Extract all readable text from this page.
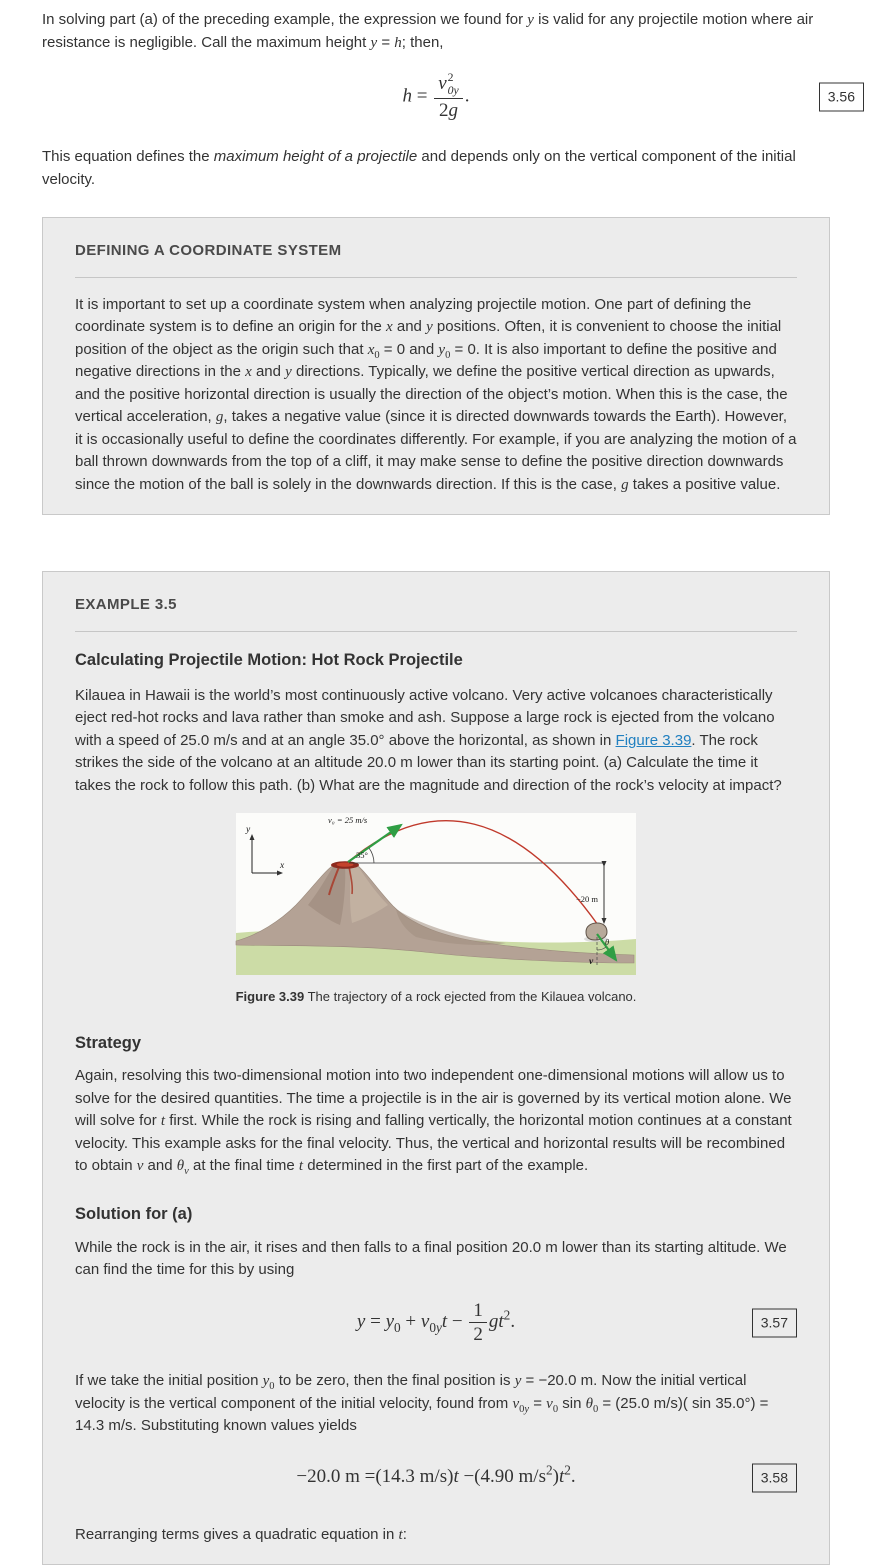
In solving part (a) of the preceding example, the expression we found for y is valid for any projectile motion where air resistance is negligible. Call the maximum height y = h; then,

h = v 2
0y
2g .	3.56

This equation defines the maximum height of a projectile and depends only on the vertical component of the initial velocity.

DEFINING A COORDINATE SYSTEM

It is important to set up a coordinate system when analyzing projectile motion. One part of defining the coordinate system is to define an origin for the x and y positions. Often, it is convenient to choose the initial position of the object as the origin such that $x_0 = 0$ and $y_0 = 0$. It is also important to define the positive and negative directions in the x and y directions. Typically, we define the positive vertical direction as upwards, and the positive horizontal direction is usually the direction of the object’s motion. When this is the case, the vertical acceleration, g, takes a negative value (since it is directed downwards towards the Earth). However, it is occasionally useful to define the coordinates differently. For example, if you are analyzing the motion of a ball thrown downwards from the top of a cliff, it may make sense to define the positive direction downwards since the motion of the ball is solely in the downwards direction. If this is the case, g takes a positive value.

EXAMPLE 3.5
Calculating Projectile Motion: Hot Rock Projectile

Kilauea in Hawaii is the world’s most continuously active volcano. Very active volcanoes characteristically eject red-hot rocks and lava rather than smoke and ash. Suppose a large rock is ejected from the volcano with a speed of 25.0 m/s and at an angle 35.0° above the horizontal, as shown in Figure 3.39. The rock strikes the side of the volcano at an altitude 20.0 m lower than its starting point. (a) Calculate the time it takes the rock to follow this path. (b) What are the magnitude and direction of the rock’s velocity at impact?

35°
v₀ = 25 m/s
−20 m
θ
v
y
x

Figure 3.39 The trajectory of a rock ejected from the Kilauea volcano.

Strategy

Again, resolving this two-dimensional motion into two independent one-dimensional motions will allow us to solve for the desired quantities. The time a projectile is in the air is governed by its vertical motion alone. We will solve for t first. While the rock is rising and falling vertically, the horizontal motion continues at a constant velocity. This example asks for the final velocity. Thus, the vertical and horizontal results will be recombined to obtain v and $\theta_v$ at the final time t determined in the first part of the example.

Solution for (a)

While the rock is in the air, it rises and then falls to a final position 20.0 m lower than its starting altitude. We can find the time for this by using

$y = y_0 + v_{0y}t - \frac{1}{2} gt^2$.	3.57

If we take the initial position $y_0$ to be zero, then the final position is y = −20.0 m. Now the initial vertical velocity is the vertical component of the initial velocity, found from $v_{0y} = v_0$ $\sin \theta_0 = (25.0$ m/s)( sin 35.0°) = 14.3 m/s. Substituting known values yields

−20.0 m =(14.3 m/s)t −(4.90 $m/s^2)t^2$.	3.58

Rearranging terms gives a quadratic equation in t:
